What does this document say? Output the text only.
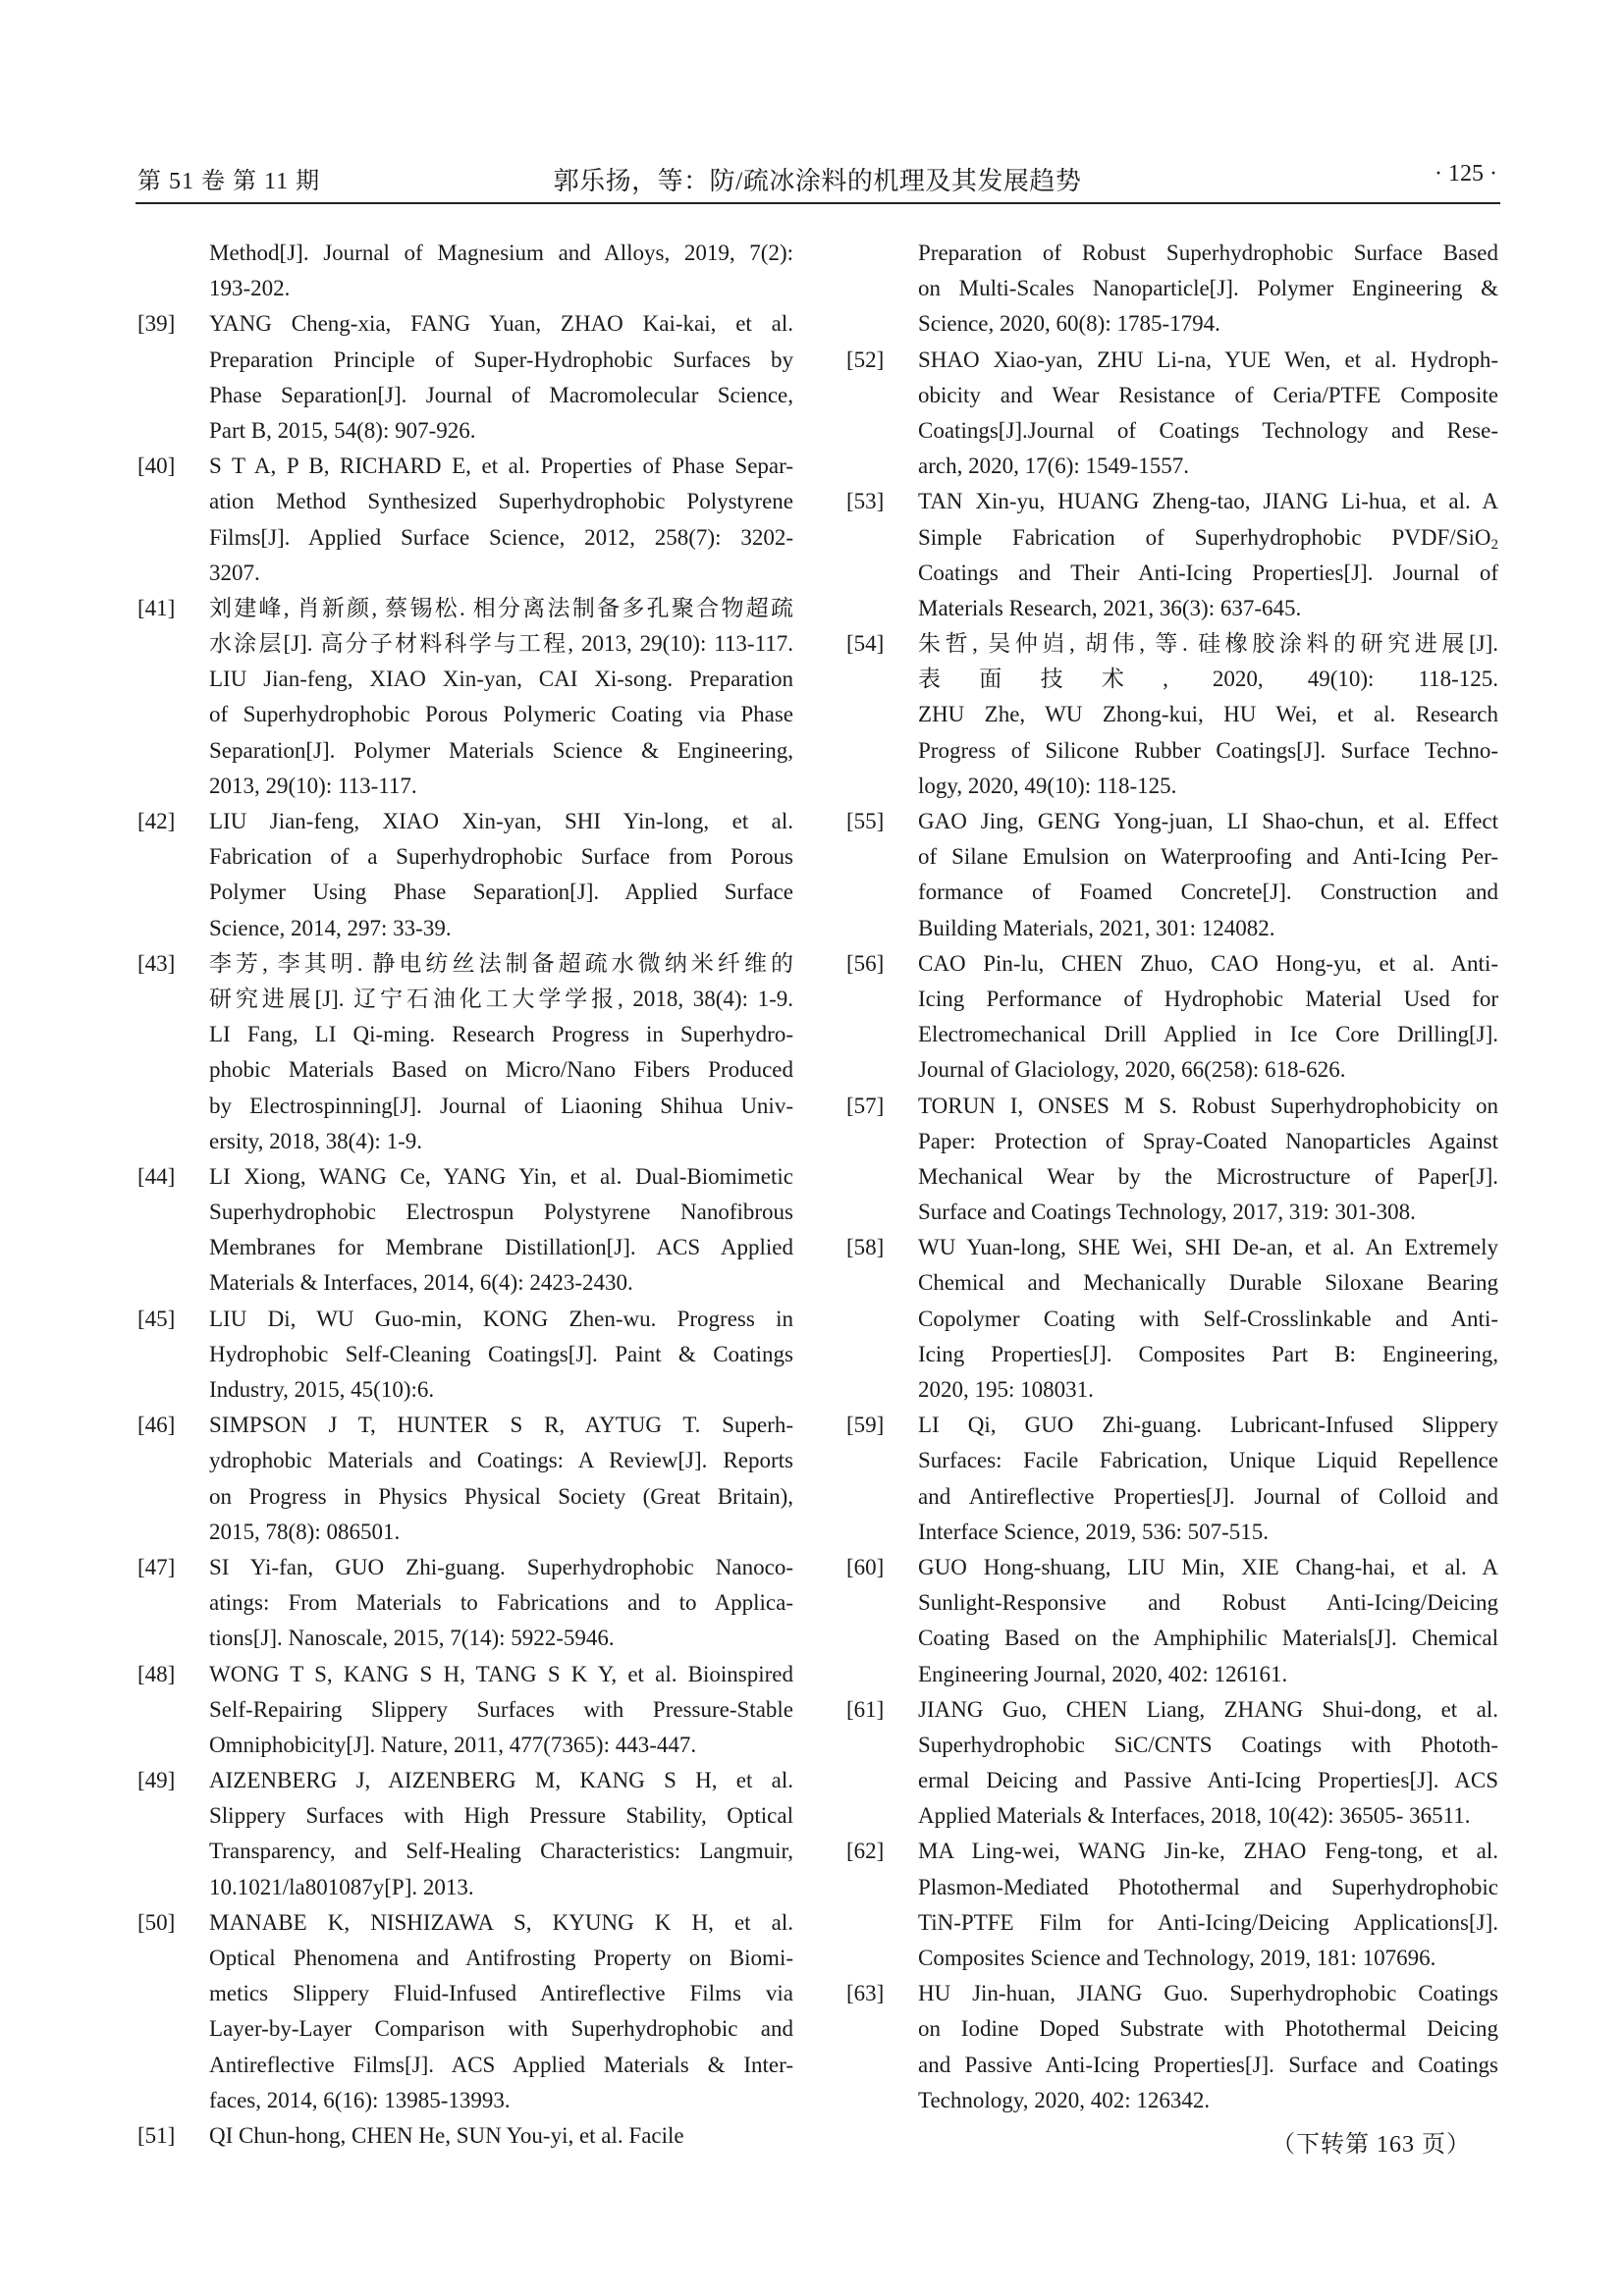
第 51 卷 第 11 期	郭乐扬，等：防/疏冰涂料的机理及其发展趋势	· 125 ·
Method[J]. Journal of Magnesium and Alloys, 2019, 7(2):
193-202.
[39] YANG Cheng-xia, FANG Yuan, ZHAO Kai-kai, et al.
Preparation Principle of Super-Hydrophobic Surfaces by
Phase Separation[J]. Journal of Macromolecular Science,
Part B, 2015, 54(8): 907-926.
[40] S T A, P B, RICHARD E, et al. Properties of Phase Separ-
ation Method Synthesized Superhydrophobic Polystyrene
Films[J]. Applied Surface Science, 2012, 258(7): 3202-
3207.
[41] 刘建峰, 肖新颜, 蔡锡松. 相分离法制备多孔聚合物超疏
水涂层[J]. 高分子材料科学与工程, 2013, 29(10): 113-117.
LIU Jian-feng, XIAO Xin-yan, CAI Xi-song. Preparation
of Superhydrophobic Porous Polymeric Coating via Phase
Separation[J]. Polymer Materials Science & Engineering,
2013, 29(10): 113-117.
[42] LIU Jian-feng, XIAO Xin-yan, SHI Yin-long, et al.
Fabrication of a Superhydrophobic Surface from Porous
Polymer Using Phase Separation[J]. Applied Surface
Science, 2014, 297: 33-39.
[43] 李芳, 李其明. 静电纺丝法制备超疏水微纳米纤维的
研究进展[J]. 辽宁石油化工大学学报, 2018, 38(4): 1-9.
LI Fang, LI Qi-ming. Research Progress in Superhydro-
phobic Materials Based on Micro/Nano Fibers Produced
by Electrospinning[J]. Journal of Liaoning Shihua Univ-
ersity, 2018, 38(4): 1-9.
[44] LI Xiong, WANG Ce, YANG Yin, et al. Dual-Biomimetic
Superhydrophobic Electrospun Polystyrene Nanofibrous
Membranes for Membrane Distillation[J]. ACS Applied
Materials & Interfaces, 2014, 6(4): 2423-2430.
[45] LIU Di, WU Guo-min, KONG Zhen-wu. Progress in
Hydrophobic Self-Cleaning Coatings[J]. Paint & Coatings
Industry, 2015, 45(10):6.
[46] SIMPSON J T, HUNTER S R, AYTUG T. Superh-
ydrophobic Materials and Coatings: A Review[J]. Reports
on Progress in Physics Physical Society (Great Britain),
2015, 78(8): 086501.
[47] SI Yi-fan, GUO Zhi-guang. Superhydrophobic Nanoco-
atings: From Materials to Fabrications and to Applica-
tions[J]. Nanoscale, 2015, 7(14): 5922-5946.
[48] WONG T S, KANG S H, TANG S K Y, et al. Bioinspired
Self-Repairing Slippery Surfaces with Pressure-Stable
Omniphobicity[J]. Nature, 2011, 477(7365): 443-447.
[49] AIZENBERG J, AIZENBERG M, KANG S H, et al.
Slippery Surfaces with High Pressure Stability, Optical
Transparency, and Self-Healing Characteristics: Langmuir,
10.1021/la801087y[P]. 2013.
[50] MANABE K, NISHIZAWA S, KYUNG K H, et al.
Optical Phenomena and Antifrosting Property on Biomi-
metics Slippery Fluid-Infused Antireflective Films via
Layer-by-Layer Comparison with Superhydrophobic and
Antireflective Films[J]. ACS Applied Materials & Inter-
faces, 2014, 6(16): 13985-13993.
[51] QI Chun-hong, CHEN He, SUN You-yi, et al. Facile
Preparation of Robust Superhydrophobic Surface Based
on Multi-Scales Nanoparticle[J]. Polymer Engineering &
Science, 2020, 60(8): 1785-1794.
[52] SHAO Xiao-yan, ZHU Li-na, YUE Wen, et al. Hydroph-
obicity and Wear Resistance of Ceria/PTFE Composite
Coatings[J].Journal of Coatings Technology and Rese-
arch, 2020, 17(6): 1549-1557.
[53] TAN Xin-yu, HUANG Zheng-tao, JIANG Li-hua, et al. A
Simple Fabrication of Superhydrophobic PVDF/SiO$_2$
Coatings and Their Anti-Icing Properties[J]. Journal of
Materials Research, 2021, 36(3): 637-645.
[54] 朱哲, 吴仲岿, 胡伟, 等. 硅橡胶涂料的研究进展[J].
表面技术, 2020, 49(10): 118-125.
ZHU Zhe, WU Zhong-kui, HU Wei, et al. Research
Progress of Silicone Rubber Coatings[J]. Surface Techno-
logy, 2020, 49(10): 118-125.
[55] GAO Jing, GENG Yong-juan, LI Shao-chun, et al. Effect
of Silane Emulsion on Waterproofing and Anti-Icing Per-
formance of Foamed Concrete[J]. Construction and
Building Materials, 2021, 301: 124082.
[56] CAO Pin-lu, CHEN Zhuo, CAO Hong-yu, et al. Anti-
Icing Performance of Hydrophobic Material Used for
Electromechanical Drill Applied in Ice Core Drilling[J].
Journal of Glaciology, 2020, 66(258): 618-626.
[57] TORUN I, ONSES M S. Robust Superhydrophobicity on
Paper: Protection of Spray-Coated Nanoparticles Against
Mechanical Wear by the Microstructure of Paper[J].
Surface and Coatings Technology, 2017, 319: 301-308.
[58] WU Yuan-long, SHE Wei, SHI De-an, et al. An Extremely
Chemical and Mechanically Durable Siloxane Bearing
Copolymer Coating with Self-Crosslinkable and Anti-
Icing Properties[J]. Composites Part B: Engineering,
2020, 195: 108031.
[59] LI Qi, GUO Zhi-guang. Lubricant-Infused Slippery
Surfaces: Facile Fabrication, Unique Liquid Repellence
and Antireflective Properties[J]. Journal of Colloid and
Interface Science, 2019, 536: 507-515.
[60] GUO Hong-shuang, LIU Min, XIE Chang-hai, et al. A
Sunlight-Responsive and Robust Anti-Icing/Deicing
Coating Based on the Amphiphilic Materials[J]. Chemical
Engineering Journal, 2020, 402: 126161.
[61] JIANG Guo, CHEN Liang, ZHANG Shui-dong, et al.
Superhydrophobic SiC/CNTS Coatings with Phototh-
ermal Deicing and Passive Anti-Icing Properties[J]. ACS
Applied Materials & Interfaces, 2018, 10(42): 36505- 36511.
[62] MA Ling-wei, WANG Jin-ke, ZHAO Feng-tong, et al.
Plasmon-Mediated Photothermal and Superhydrophobic
TiN-PTFE Film for Anti-Icing/Deicing Applications[J].
Composites Science and Technology, 2019, 181: 107696.
[63] HU Jin-huan, JIANG Guo. Superhydrophobic Coatings
on Iodine Doped Substrate with Photothermal Deicing
and Passive Anti-Icing Properties[J]. Surface and Coatings
Technology, 2020, 402: 126342.
（下转第 163 页）
